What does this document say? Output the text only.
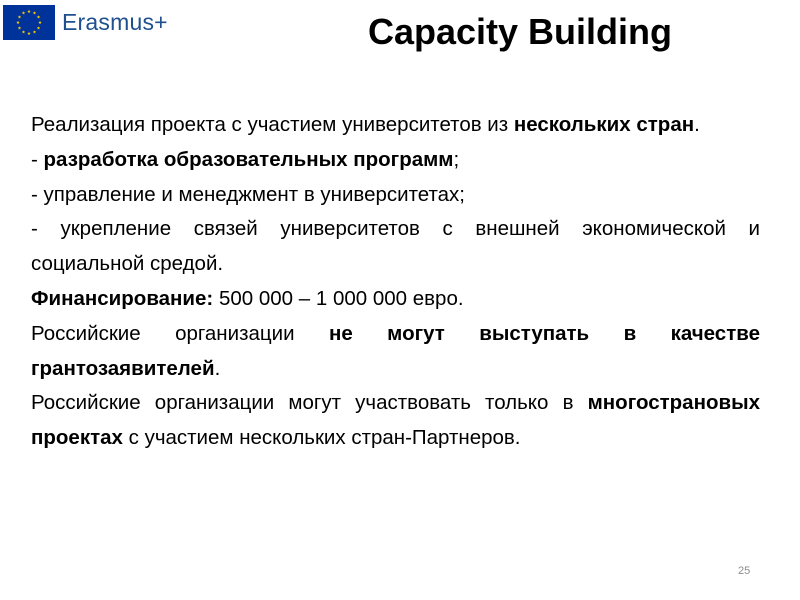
Erasmus+	Capacity Building

Реализация проекта с участием университетов из нескольких стран.

- разработка образовательных программ;

- управление и менеджмент в университетах;

- укрепление связей университетов с внешней экономической и социальной средой.

Финансирование: 500 000 – 1 000 000 евро.

Российские организации не могут выступать в качестве грантозаявителей.

Российские организации могут участвовать только в многострановых проектах с участием нескольких стран-Партнеров.

25
